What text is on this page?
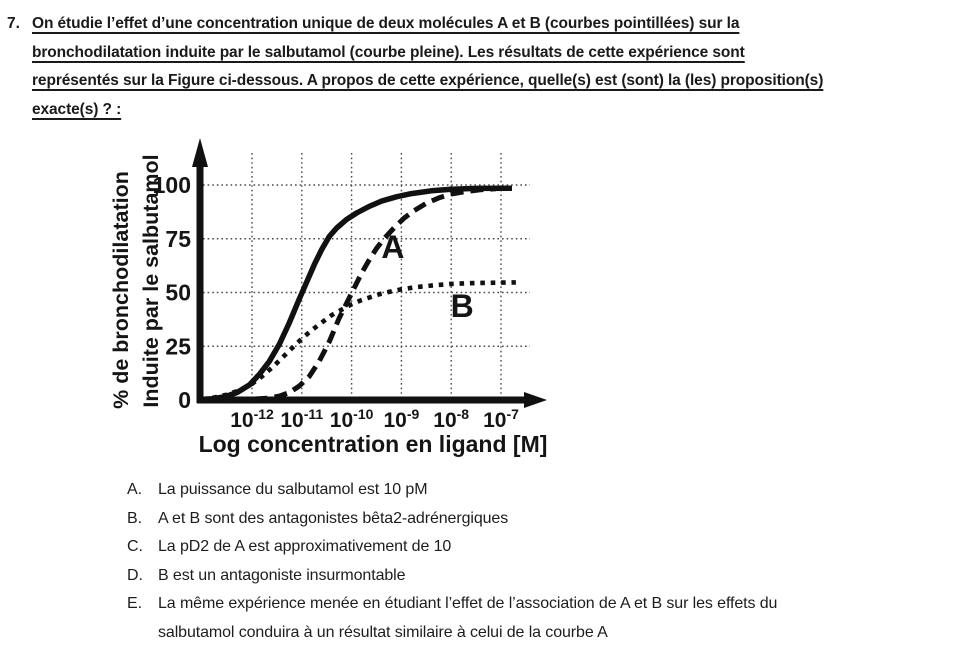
7. On étudie l’effet d’une concentration unique de deux molécules A et B (courbes pointillées) sur la
bronchodilatation induite par le salbutamol (courbe pleine). Les résultats de cette expérience sont
représentés sur la Figure ci-dessous. A propos de cette expérience, quelle(s) est (sont) la (les) proposition(s)
exacte(s) ? :
0
25
50
75
100
$10^{-12}$ $10^{-11}$ $10^{-10}$ $10^{-9}$ $10^{-8}$ $10^{-7}$
Log concentration en ligand [M]
% de bronchodilatation Induite par le salbutamol	A
B
A.	La puissance du salbutamol est 10 pM
B.	A et B sont des antagonistes bêta2-adrénergiques
C. La pD2 de A est approximativement de 10
D. B est un antagoniste insurmontable
E.	La même expérience menée en étudiant l’effet de l’association de A et B sur les effets du
salbutamol conduira à un résultat similaire à celui de la courbe A
